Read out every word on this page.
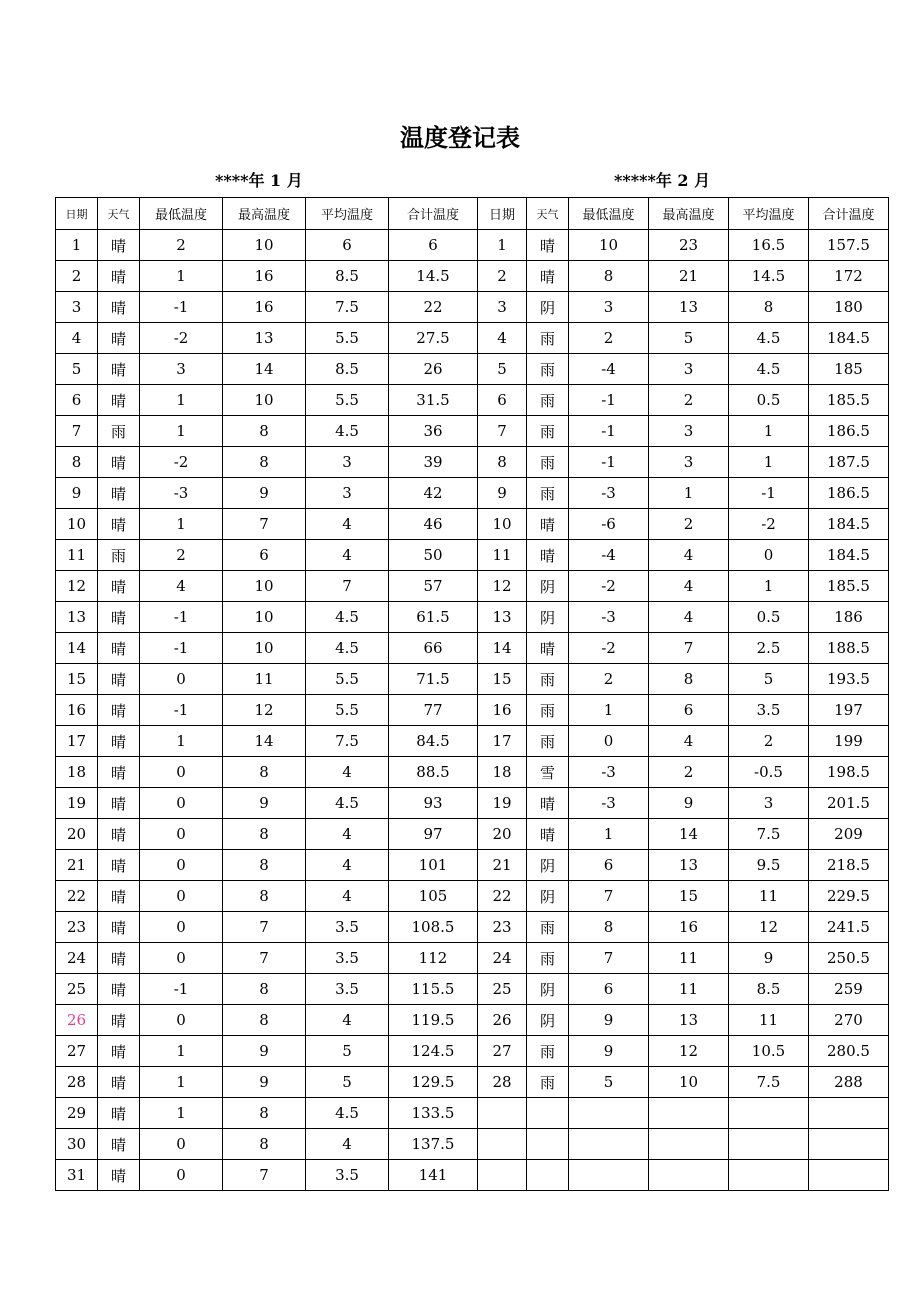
温度登记表
****年 1 月	*****年 2 月
日期	天气	最低温度	最高温度	平均温度	合计温度	日期	天气	最低温度	最高温度	平均温度	合计温度
1	晴	2	10	6	6	1	晴	10	23	16.5	157.5
2	晴	1	16	8.5	14.5	2	晴	8	21	14.5	172
3	晴	-1	16	7.5	22	3	阴	3	13	8	180
4	晴	-2	13	5.5	27.5	4	雨	2	5	4.5	184.5
5	晴	3	14	8.5	26	5	雨	-4	3	4.5	185
6	晴	1	10	5.5	31.5	6	雨	-1	2	0.5	185.5
7	雨	1	8	4.5	36	7	雨	-1	3	1	186.5
8	晴	-2	8	3	39	8	雨	-1	3	1	187.5
9	晴	-3	9	3	42	9	雨	-3	1	-1	186.5
10	晴	1	7	4	46	10	晴	-6	2	-2	184.5
11	雨	2	6	4	50	11	晴	-4	4	0	184.5
12	晴	4	10	7	57	12	阴	-2	4	1	185.5
13	晴	-1	10	4.5	61.5	13	阴	-3	4	0.5	186
14	晴	-1	10	4.5	66	14	晴	-2	7	2.5	188.5
15	晴	0	11	5.5	71.5	15	雨	2	8	5	193.5
16	晴	-1	12	5.5	77	16	雨	1	6	3.5	197
17	晴	1	14	7.5	84.5	17	雨	0	4	2	199
18	晴	0	8	4	88.5	18	雪	-3	2	-0.5	198.5
19	晴	0	9	4.5	93	19	晴	-3	9	3	201.5
20	晴	0	8	4	97	20	晴	1	14	7.5	209
21	晴	0	8	4	101	21	阴	6	13	9.5	218.5
22	晴	0	8	4	105	22	阴	7	15	11	229.5
23	晴	0	7	3.5	108.5	23	雨	8	16	12	241.5
24	晴	0	7	3.5	112	24	雨	7	11	9	250.5
25	晴	-1	8	3.5	115.5	25	阴	6	11	8.5	259
26	晴	0	8	4	119.5	26	阴	9	13	11	270
27	晴	1	9	5	124.5	27	雨	9	12	10.5	280.5
28	晴	1	9	5	129.5	28	雨	5	10	7.5	288
29	晴	1	8	4.5	133.5						
30	晴	0	8	4	137.5						
31	晴	0	7	3.5	141						
